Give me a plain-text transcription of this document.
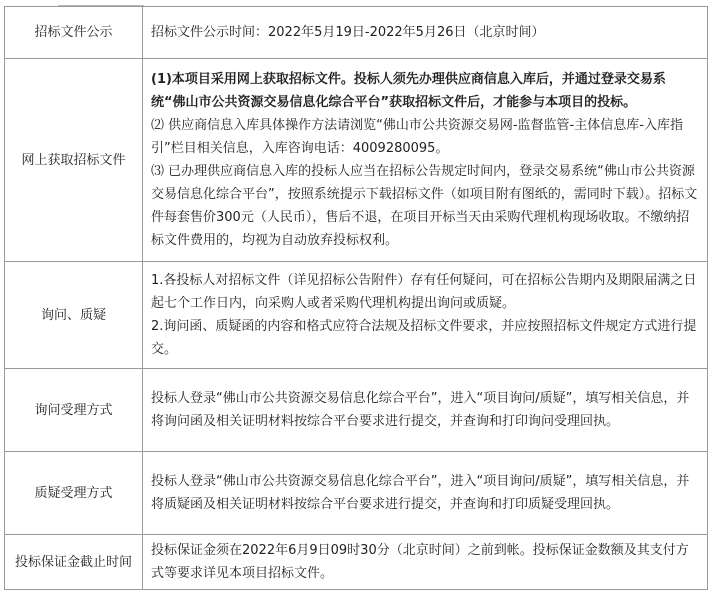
招标文件公示	招标文件公示时间：2022年5月19日-2022年5月26日（北京时间）

网上获取招标文件	(1)本项目采用网上获取招标文件。投标人须先办理供应商信息入库后，并通过登录交易系统“佛山市公共资源交易信息化综合平台”获取招标文件后，才能参与本项目的投标。

⑵ 供应商信息入库具体操作方法请浏览“佛山市公共资源交易网-监督监管-主体信息库-入库指引”栏目相关信息，入库咨询电话：4009280095。

⑶ 已办理供应商信息入库的投标人应当在招标公告规定时间内，登录交易系统“佛山市公共资源交易信息化综合平台”，按照系统提示下载招标文件（如项目附有图纸的，需同时下载）。招标文件每套售价300元（人民币），售后不退，在项目开标当天由采购代理机构现场收取。不缴纳招标文件费用的，均视为自动放弃投标权利。

询问、质疑	1.各投标人对招标文件（详见招标公告附件）存有任何疑问，可在招标公告期内及期限届满之日起七个工作日内，向采购人或者采购代理机构提出询问或质疑。

2.询问函、质疑函的内容和格式应符合法规及招标文件要求，并应按照招标文件规定方式进行提交。

询问受理方式	投标人登录“佛山市公共资源交易信息化综合平台”，进入“项目询问/质疑”，填写相关信息，并将询问函及相关证明材料按综合平台要求进行提交，并查询和打印询问受理回执。

质疑受理方式	投标人登录“佛山市公共资源交易信息化综合平台”，进入“项目询问/质疑”，填写相关信息，并将质疑函及相关证明材料按综合平台要求进行提交，并查询和打印质疑受理回执。

投标保证金截止时间	投标保证金须在2022年6月9日09时30分（北京时间）之前到帐。投标保证金数额及其支付方式等要求详见本项目招标文件。
